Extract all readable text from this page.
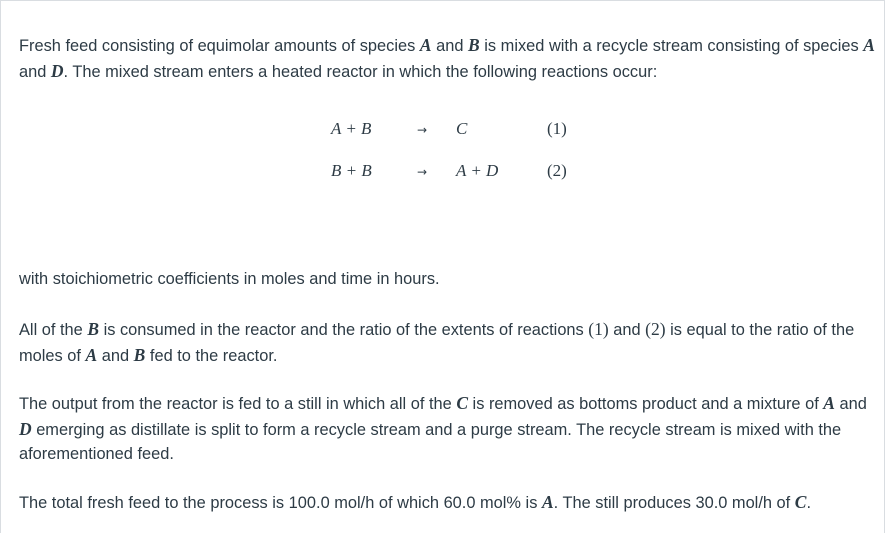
Fresh feed consisting of equimolar amounts of species A and B is mixed with a recycle stream consisting of species A and D. The mixed stream enters a heated reactor in which the following reactions occur:

A + B	→ C	(1)
B + B	→ A + D	(2)

with stoichiometric coefficients in moles and time in hours.

All of the B is consumed in the reactor and the ratio of the extents of reactions (1) and (2) is equal to the ratio of the moles of A and B fed to the reactor.

The output from the reactor is fed to a still in which all of the C is removed as bottoms product and a mixture of A and D emerging as distillate is split to form a recycle stream and a purge stream. The recycle stream is mixed with the aforementioned feed.

The total fresh feed to the process is 100.0 mol/h of which 60.0 mol% is A. The still produces 30.0 mol/h of C.
